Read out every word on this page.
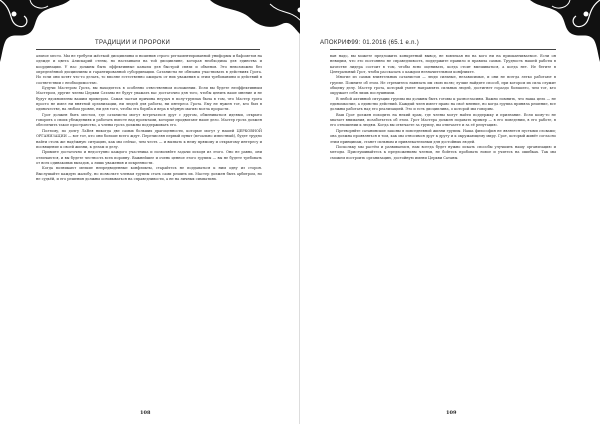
ТРАДИЦИИ И ПРОРОКИ

альное место. Мы не требуем жёсткой дисциплины и ношения строго регламентированной униформы и бафометов на одежде и цвета Алиcкарий стены, но настаиваем на той дисциплине, которая необходима для единства и координации. У нас должны быть эффективные каналы для быстрой связи и обменов. Это невозможно без определённой дисциплины и гарантированной субординации. Сатанисты не обязаны участвовать в действиях Грота. Но если они хотят что-то делать, то вполне естественно ожидать от них уважения к этим требованиям и действий в соответствии с необходимостью.

Будучи Мастером Грота, вы находитесь в особенно отвественном положении. Если вы будете неэффективным Мастером, другие члены Церкви Сатаны не будут уважать вас достаточно для того, чтобы ценить ваше мнение и не будут вдохновлены вашим примером. Самая частая причина неудач в полу-группах была в том, что Мастер грота просто не имел ни внятной организации, ни людей для работы, ни интереса Грота. Ему не нужен тот, кто был в одиночестве, на любом уровне, ни для того, чтобы эта борьба и вера в чёрную магию могла прорасти.

Грот должен быть местом, где сатанисты могут встречаться друг с другом, обмениваться идеями, открыто говорить о своих убеждениях и работать вместе над проектами, которые продвигают наше дело. Мастер грота должен обеспечить такое пространство, а члены грота должны поддерживать его.

Поэтому, по долгу ЛаВея никогда две самых больших драгоценности, которые могут у нашей ЦЕРКОВНОЙ ОРГАНИЗАЦИИ — вот тот, кто они больше всего ждут. Перечисляя первый пункт (печально известный), будет трудно найти столь же надёжную ситуацию, как мы сейчас, чем честь — и вызвать к нему прямому и открытому интересу и посвящение к своей жизни, к делам и делу.

Примите достаточно и недоступно каждого участника и позволяйте задачи исходя из этого. Оно не равно, они отличаются, и вы будете честность всех поровну. Важнейшее и очень ценное этого группы — вы не будете требовать от всех одинаковых вкладов, а лишь уважения и искренности.

Когда возникают мелкие непредвиденные конфликты, старайтесь не поддаваться к ним одну из сторон. Выслушайте каждую жалобу, но позвольте членам группы стать сами решить их. Мастер должен быть арбитром, но не судьёй, и его решения должны основываться на справедливости, а не на личных симпатиях.

108
АПОКРИФ99: 01.2016 (65.1 e.n.)

ван надо, вы можете предложить конкретный вывод, не вовлекая ни на кого ни на приоканчиваемое. Если он невидим, что это постоянно не справедливость, поддержите правило и правила самых. Трудность нашей работы в качестве лидера состоит в том, чтобы ясно оценивать, когда стоит вмешиваться, а когда нет. Не бегите в Центральный Грот, чтобы рассказать о каждом незначительном конфликте.

Многие из самых влиятельных сатанистов — люди сильные, независимые, и они не всегда легко работают в группе. Помните об этом. Не стремитесь навязать им свою волю; лучше найдите способ, при котором их сила служит общему делу. Мастер грота, который умеет направлять сильных людей, достигнет гораздо большего, чем тот, кто окружает себя лишь послушными.

В любой активной ситуации группы вы должны быть готовы к разногласиям. Важно помнить, что наша цель — не единомыслие, а единство действий. Каждый член имеет право на своё мнение, но когда группа приняла решение, все должны работать над его реализацией. Это и есть дисциплина, о которой мы говорим.

Ваш Грот должен походить на некий храм, где члены могут найти поддержку и признание. Если кому-то не хватает внимания, позаботьтесь об этом. Грот Мастера должен подавать пример — в его поведении, в его работе, в его отношении к людям. Когда вы отвечаете за группу, вы отвечаете и за её репутацию.

Претворяйте сатанинские законы в повседневной жизни группы. Наша философия не является пустыми словами; она должна проявляться в том, как мы относимся друг к другу и к окружающему миру. Грот, который живёт согласно этим принципам, станет сильным и привлекательным для достойных людей.

Поскольку мы растём и развиваемся, нам всегда будет нужно искать способы улучшить нашу организацию и методы. Прислушивайтесь к предложениям членов, не бойтесь пробовать новое и учитесь на ошибках. Так мы сможем построить организацию, достойную имени Церкви Сатаны.

109
